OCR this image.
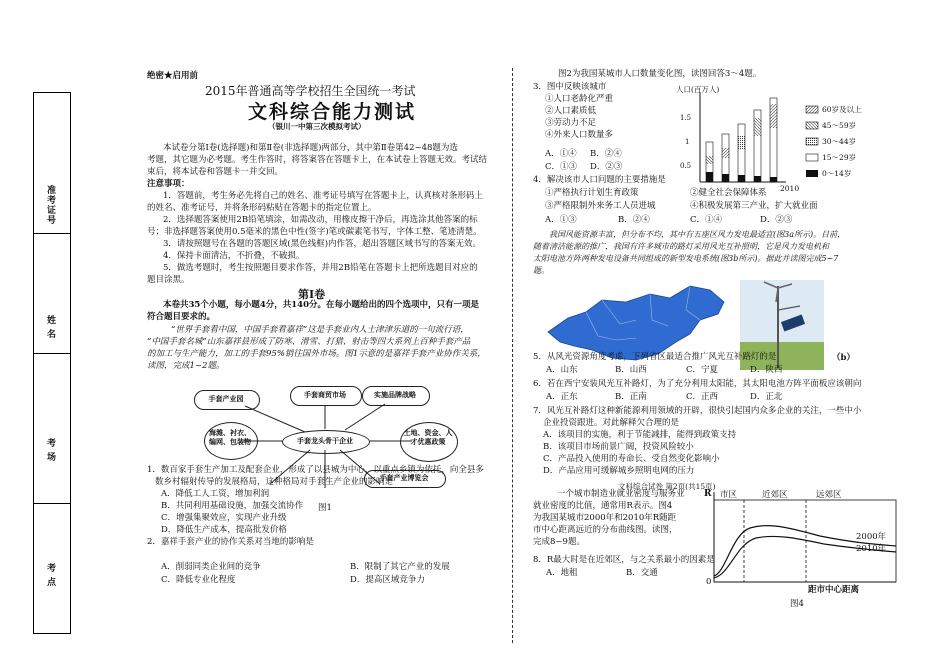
准考证号
姓 名
考 场
考 点
绝密★启用前
2015年普通高等学校招生全国统一考试
文科综合能力测试
（银川一中第三次模拟考试）
本试卷分第Ⅰ卷(选择题)和第Ⅱ卷(非选择题)两部分，其中第Ⅱ卷第42~48题为选
考题，其它题为必考题。考生作答时，将答案答在答题卡上，在本试卷上答题无效。考试结
束后，将本试卷和答题卡一并交回。
注意事项：
1．答题前，考生务必先将自己的姓名、准考证号填写在答题卡上，认真核对条形码上
的姓名、准考证号，并将条形码粘贴在答题卡的指定位置上。
2．选择题答案使用2B铅笔填涂，如需改动，用橡皮擦干净后，再选涂其他答案的标
号；非选择题答案使用0.5毫米的黑色中性(签字)笔或碳素笔书写，字体工整、笔迹清楚。
3．请按照题号在各题的答题区域(黑色线框)内作答，超出答题区域书写的答案无效。
4．保持卡面清洁，不折叠，不破损。
5．做选考题时，考生按照题目要求作答，并用2B铅笔在答题卡上把所选题目对应的
题目涂黑。
第Ⅰ卷
本卷共35个小题，每小题4分，共140分。在每小题给出的四个选项中，只有一项是
符合题目要求的。
“世界手套看中国，中国手套看嘉祥”这是手套业内人士津津乐道的一句流行语，
“中国手套名城”山东嘉祥县形成了防寒、滑雪、打猎、射击等四大系列上百种手套产品
的加工与生产能力，加工的手套95%销往国外市场。图1示意的是嘉祥手套产业协作关系，
读图，完成1~2题。
手套产业园	手套商贸市场	实施品牌战略
海潍、衬衣、编网、包装物	手套龙头骨干企业
土地、资金、人才优惠政策
手套产业博览会
图1
1．数百家手套生产加工及配套企业，形成了以县城为中心，以重点乡镇为依托，向全县多
数乡村辐射传导的发展格局，这种格局对手套生产企业的影响是
A．降低工人工资，增加利润
B．共同利用基础设施，加强交流协作
C．增强集聚效应，实现产业升级
D．降低生产成本，提高批发价格
2．嘉祥手套产业的协作关系对当地的影响是
A．削弱同类企业间的竞争	B．限制了其它产业的发展
C．降低专业化程度	D．提高区域竞争力
图2为我国某城市人口数量变化图，读图回答3～4题。
3．图中反映该城市
①人口老龄化严重
②人口素质低
③劳动力不足
④外来人口数量多
A．①④ B．②④
C．①③ D．②③
人口(百万人)
1.5
1
0.5
60岁及以上
45～59岁
30～44岁
15～29岁
0～14岁
2010
4．解决该市人口问题的主要措施是
①严格执行计划生育政策	②健全社会保障体系
③严格限制外来务工人员进城	④积极发展第三产业，扩大就业面
A．①③	B．②④	C．①④	D．②③
我国风能资源丰富，但分布不均，其中有五座区风力发电最适宜(图3a所示)。目前，
随着清洁能源的推广，我国有许多城市的路灯采用风光互补照明，它是风力发电机和
太阳电池方阵两种发电设备共同组成的新型发电系统(图3b所示)。据此并读图完成5~7
题。
（b）
5．从风光资源角度考虑，下列省区最适合推广风光互补路灯的是
A．山东	B．山西	C．宁夏	D．陕西
6．若在西宁安装风光互补路灯，为了充分利用太阳能，其太阳电池方阵平面板应该朝向
A．正东	B．正南	C．正西	D．正北
7．风光互补路灯这种新能源利用领域的开辟，很快引起国内众多企业的关注，一些中小
企业投资跟进。对此解释欠合理的是
A．该项目的实施，利于节能减排，能得到政策支持
B．该项目市场前景广阔，投资风险较小
C．产品投入使用的寿命长、受自然变化影响小
D．产品应用可缓解城乡照明电网的压力
文科综合试卷 第2页(共15页)
一个城市制造业就业密度与服务业
就业密度的比值，通常用R表示。图4
为我国某城市2000年和2010年R随距
市中心距离远近的分布曲线图。读图，
完成8~9题。
R 市区	近郊区	远郊区
2000年
2010年
0
距市中心距离
图4
8．R最大时是在近郊区，与之关系最小的因素是
A．地租	B．交通
